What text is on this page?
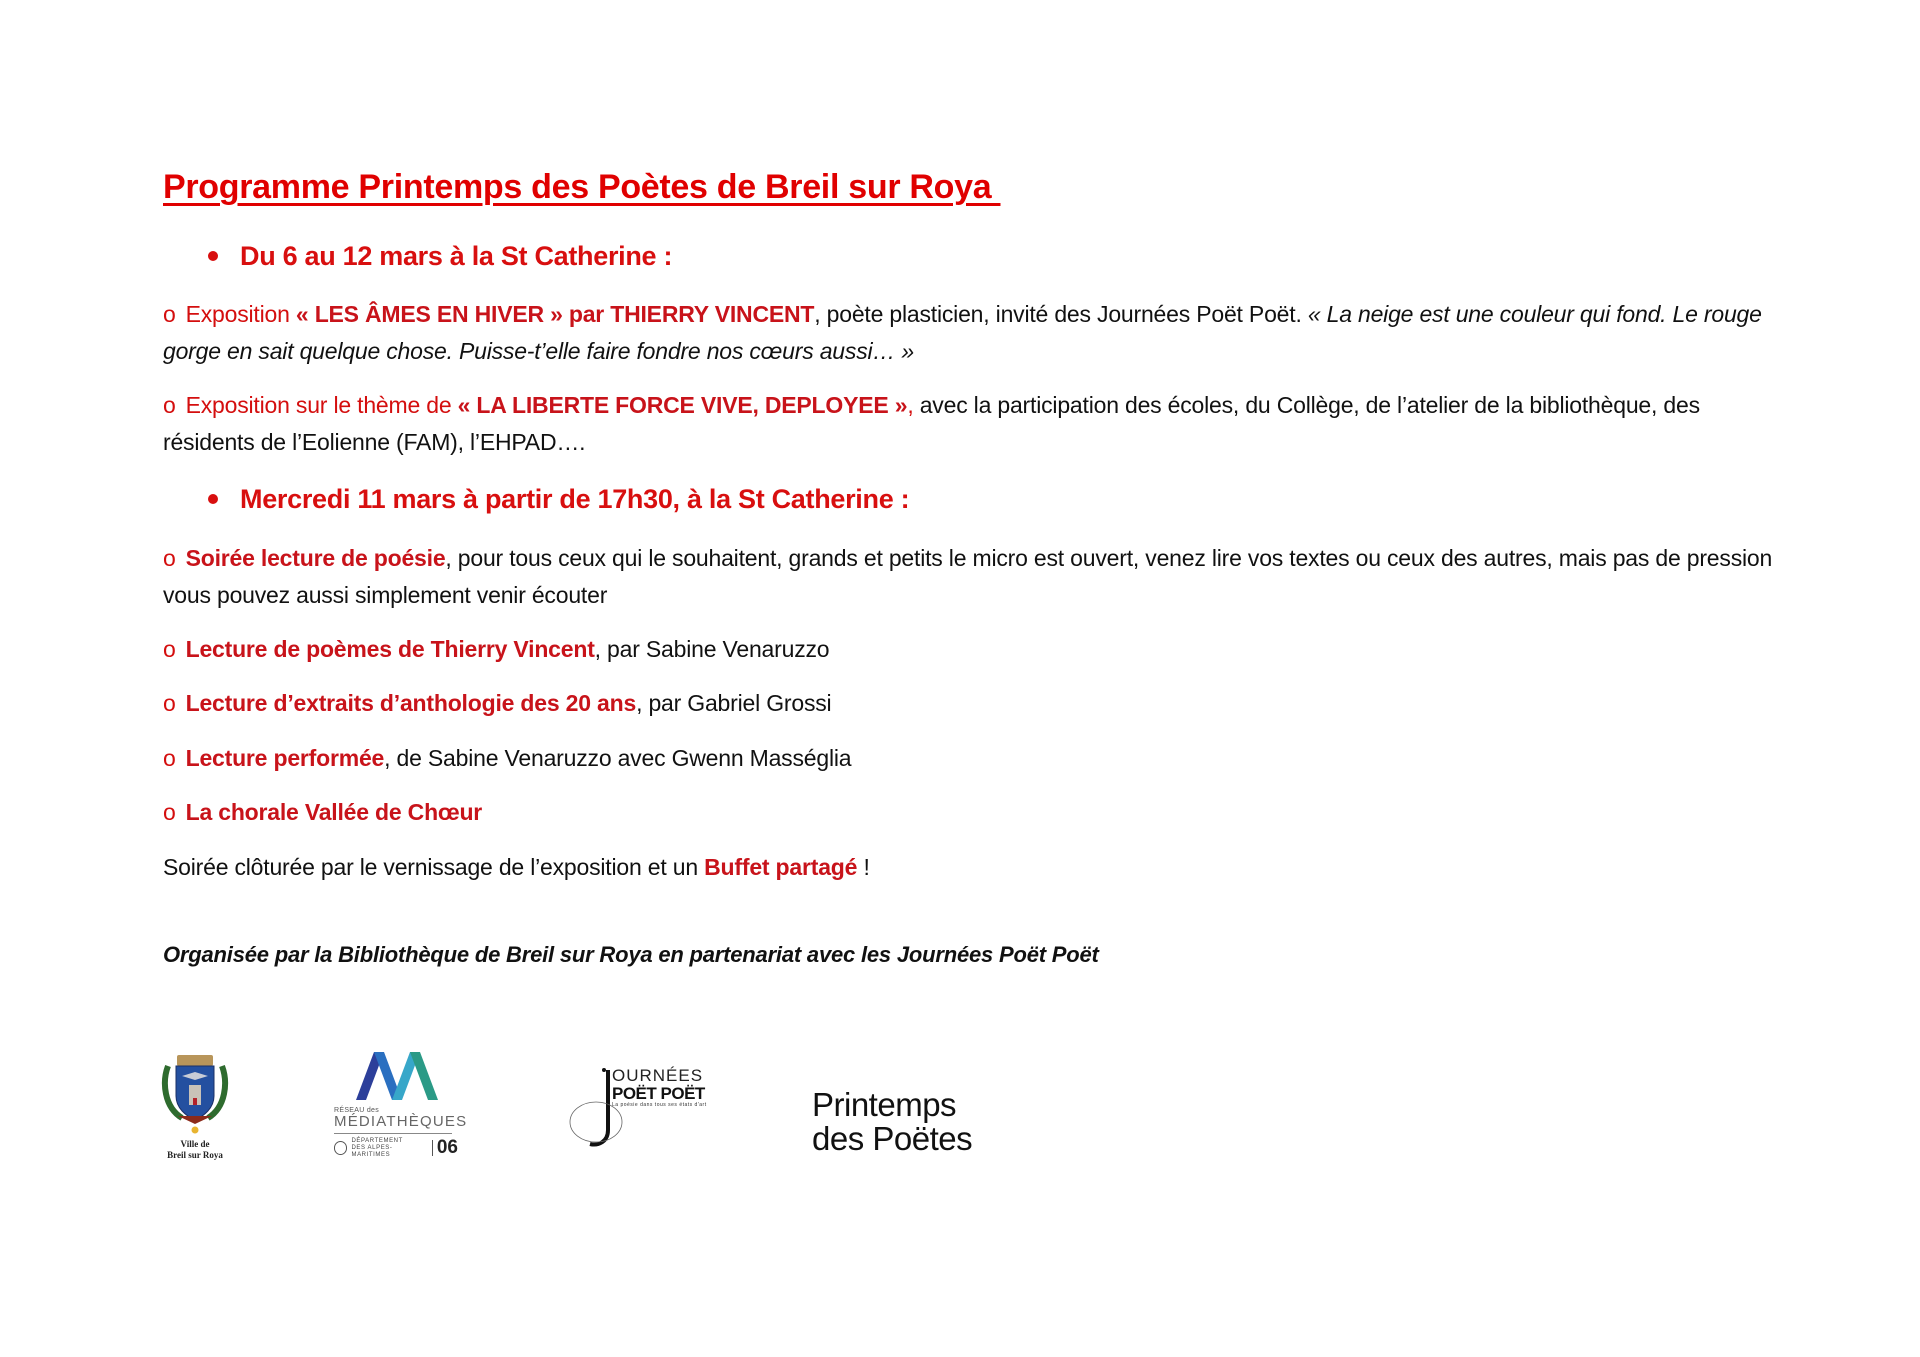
Programme Printemps des Poètes de Breil sur Roya
Du 6 au 12 mars à la St Catherine :
o Exposition « LES ÂMES EN HIVER » par THIERRY VINCENT, poète plasticien, invité des Journées Poët Poët. « La neige est une couleur qui fond. Le rouge gorge en sait quelque chose. Puisse-t’elle faire fondre nos cœurs aussi… »
o Exposition sur le thème de « LA LIBERTE FORCE VIVE, DEPLOYEE », avec la participation des écoles, du Collège, de l’atelier de la bibliothèque, des résidents de l’Eolienne (FAM), l’EHPAD….
Mercredi 11 mars à partir de 17h30, à la St Catherine :
o Soirée lecture de poésie, pour tous ceux qui le souhaitent, grands et petits le micro est ouvert, venez lire vos textes ou ceux des autres, mais pas de pression vous pouvez aussi simplement venir écouter
o Lecture de poèmes de Thierry Vincent, par Sabine Venaruzzo
o Lecture d’extraits d’anthologie des 20 ans, par Gabriel Grossi
o Lecture performée, de Sabine Venaruzzo avec Gwenn Masséglia
o La chorale Vallée de Chœur
Soirée clôturée par le vernissage de l’exposition et un Buffet partagé !
Organisée par la Bibliothèque de Breil sur Roya en partenariat avec les Journées Poët Poët
Ville de
Breil sur Roya
RÉSEAU des
MÉDIATHÈQUES
DÉPARTEMENT
DES ALPES-MARITIMES	06
OURNÉES
POËT POËT
La poésie dans tous ses états d'art	Printemps
des Poëtes
